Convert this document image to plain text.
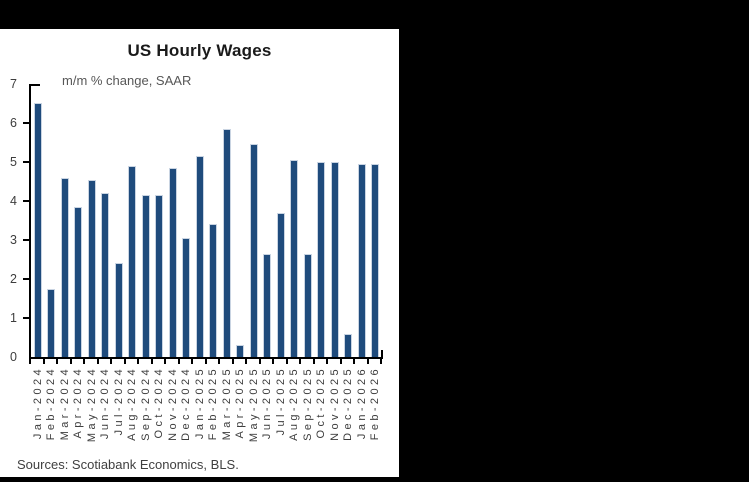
US Hourly Wages
m/m % change, SAAR
0
1
2
3
4
5
6
7
Jan-2024 Feb-2024 Mar-2024 Apr-2024 May-2024 Jun-2024 Jul-2024 Aug-2024 Sep-2024 Oct-2024 Nov-2024 Dec-2024 Jan-2025 Feb-2025 Mar-2025 Apr-2025 May-2025 Jun-2025 Jul-2025 Aug-2025 Sep-2025 Oct-2025 Nov-2025 Dec-2025 Jan-2026 Feb-2026
Sources: Scotiabank Economics, BLS.
